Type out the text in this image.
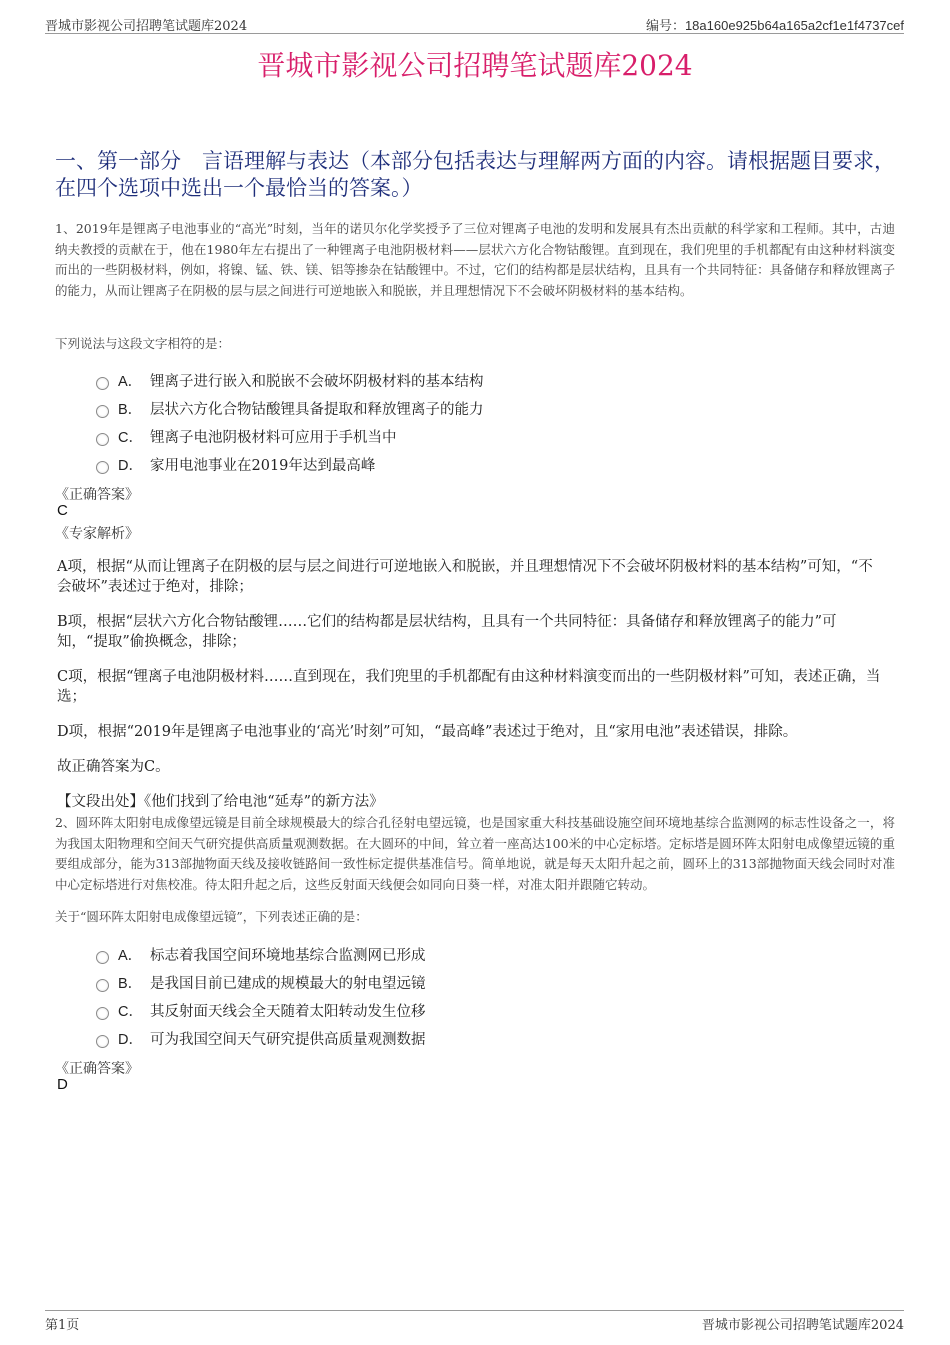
晋城市影视公司招聘笔试题库2024	编号：18a160e925b64a165a2cf1e1f4737cef
晋城市影视公司招聘笔试题库2024
一、第一部分　言语理解与表达（本部分包括表达与理解两方面的内容。请根据题目要求，在四个选项中选出一个最恰当的答案。）
1、2019年是锂离子电池事业的“高光”时刻，当年的诺贝尔化学奖授予了三位对锂离子电池的发明和发展具有杰出贡献的科学家和工程师。其中，古迪纳夫教授的贡献在于，他在1980年左右提出了一种锂离子电池阴极材料——层状六方化合物钴酸锂。直到现在，我们兜里的手机都配有由这种材料演变而出的一些阴极材料，例如，将镍、锰、铁、镁、铝等掺杂在钴酸锂中。不过，它们的结构都是层状结构，且具有一个共同特征：具备储存和释放锂离子的能力，从而让锂离子在阴极的层与层之间进行可逆地嵌入和脱嵌，并且理想情况下不会破坏阴极材料的基本结构。
下列说法与这段文字相符的是：
A． 锂离子进行嵌入和脱嵌不会破坏阴极材料的基本结构
B． 层状六方化合物钴酸锂具备提取和释放锂离子的能力
C． 锂离子电池阴极材料可应用于手机当中
D． 家用电池事业在2019年达到最高峰
《正确答案》
C
《专家解析》

A项，根据“从而让锂离子在阴极的层与层之间进行可逆地嵌入和脱嵌，并且理想情况下不会破坏阴极材料的基本结构”可知，“不会破坏”表述过于绝对，排除；

B项，根据“层状六方化合物钴酸锂……它们的结构都是层状结构，且具有一个共同特征：具备储存和释放锂离子的能力”可知，“提取”偷换概念，排除；

C项，根据“锂离子电池阴极材料……直到现在，我们兜里的手机都配有由这种材料演变而出的一些阴极材料”可知，表述正确，当选；

D项，根据“2019年是锂离子电池事业的‘高光’时刻”可知，“最高峰”表述过于绝对，且“家用电池”表述错误，排除。

故正确答案为C。

【文段出处】《他们找到了给电池“延寿”的新方法》

2、圆环阵太阳射电成像望远镜是目前全球规模最大的综合孔径射电望远镜，也是国家重大科技基础设施空间环境地基综合监测网的标志性设备之一，将为我国太阳物理和空间天气研究提供高质量观测数据。在大圆环的中间，耸立着一座高达100米的中心定标塔。定标塔是圆环阵太阳射电成像望远镜的重要组成部分，能为313部抛物面天线及接收链路间一致性标定提供基准信号。简单地说，就是每天太阳升起之前，圆环上的313部抛物面天线会同时对准中心定标塔进行对焦校准。待太阳升起之后，这些反射面天线便会如同向日葵一样，对准太阳并跟随它转动。
关于“圆环阵太阳射电成像望远镜”，下列表述正确的是：
A． 标志着我国空间环境地基综合监测网已形成
B． 是我国目前已建成的规模最大的射电望远镜
C． 其反射面天线会全天随着太阳转动发生位移
D． 可为我国空间天气研究提供高质量观测数据
《正确答案》
D
第1页	晋城市影视公司招聘笔试题库2024
